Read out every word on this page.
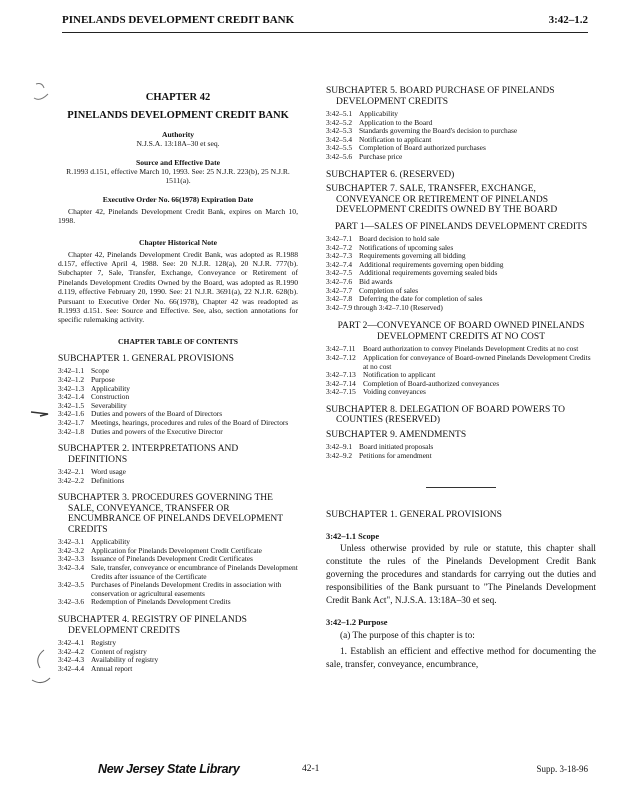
PINELANDS DEVELOPMENT CREDIT BANK	3:42–1.2
CHAPTER 42
PINELANDS DEVELOPMENT CREDIT BANK
Authority
N.J.S.A. 13:18A–30 et seq.
Source and Effective Date
R.1993 d.151, effective March 10, 1993. See: 25 N.J.R. 223(b), 25 N.J.R. 1511(a).
Executive Order No. 66(1978) Expiration Date

Chapter 42, Pinelands Development Credit Bank, expires on March 10, 1998.

Chapter Historical Note

Chapter 42, Pinelands Development Credit Bank, was adopted as R.1988 d.157, effective April 4, 1988. See: 20 N.J.R. 128(a), 20 N.J.R. 777(b). Subchapter 7, Sale, Transfer, Exchange, Conveyance or Retirement of Pinelands Development Credits Owned by the Board, was adopted as R.1990 d.119, effective February 20, 1990. See: 21 N.J.R. 3691(a), 22 N.J.R. 628(b). Pursuant to Executive Order No. 66(1978), Chapter 42 was readopted as R.1993 d.151. See: Source and Effective. See, also, section annotations for specific rulemaking activity.

CHAPTER TABLE OF CONTENTS
SUBCHAPTER 1. GENERAL PROVISIONS
3:42–1.1 Scope
3:42–1.2 Purpose
3:42–1.3 Applicability
3:42–1.4 Construction
3:42–1.5 Severability
3:42–1.6 Duties and powers of the Board of Directors
3:42–1.7 Meetings, hearings, procedures and rules of the Board of Directors
3:42–1.8 Duties and powers of the Executive Director
SUBCHAPTER 2. INTERPRETATIONS AND DEFINITIONS
3:42–2.1 Word usage
3:42–2.2 Definitions
SUBCHAPTER 3. PROCEDURES GOVERNING THE SALE, CONVEYANCE, TRANSFER OR ENCUMBRANCE OF PINELANDS DEVELOPMENT CREDITS
3:42–3.1 Applicability
3:42–3.2 Application for Pinelands Development Credit Certificate
3:42–3.3 Issuance of Pinelands Development Credit Certificates
3:42–3.4 Sale, transfer, conveyance or encumbrance of Pinelands Development Credits after issuance of the Certificate
3:42–3.5 Purchases of Pinelands Development Credits in association with conservation or agricultural easements
3:42–3.6 Redemption of Pinelands Development Credits
SUBCHAPTER 4. REGISTRY OF PINELANDS DEVELOPMENT CREDITS
3:42–4.1 Registry
3:42–4.2 Content of registry
3:42–4.3 Availability of registry
3:42–4.4 Annual report
SUBCHAPTER 5. BOARD PURCHASE OF PINELANDS DEVELOPMENT CREDITS
3:42–5.1 Applicability
3:42–5.2 Application to the Board
3:42–5.3 Standards governing the Board's decision to purchase
3:42–5.4 Notification to applicant
3:42–5.5 Completion of Board authorized purchases
3:42–5.6 Purchase price
SUBCHAPTER 6. (RESERVED)
SUBCHAPTER 7. SALE, TRANSFER, EXCHANGE, CONVEYANCE OR RETIREMENT OF PINELANDS DEVELOPMENT CREDITS OWNED BY THE BOARD
PART 1—SALES OF PINELANDS DEVELOPMENT CREDITS
3:42–7.1 Board decision to hold sale
3:42–7.2 Notifications of upcoming sales
3:42–7.3 Requirements governing all bidding
3:42–7.4 Additional requirements governing open bidding
3:42–7.5 Additional requirements governing sealed bids
3:42–7.6 Bid awards
3:42–7.7 Completion of sales
3:42–7.8 Deferring the date for completion of sales
3:42–7.9 through 3:42–7.10 (Reserved)
PART 2—CONVEYANCE OF BOARD OWNED PINELANDS DEVELOPMENT CREDITS AT NO COST
3:42–7.11	Board authorization to convey Pinelands Development Credits at no cost
3:42–7.12 Application for conveyance of Board-owned Pinelands Development Credits at no cost
3:42–7.13 Notification to applicant
3:42–7.14 Completion of Board-authorized conveyances
3:42–7.15 Voiding conveyances
SUBCHAPTER 8. DELEGATION OF BOARD POWERS TO COUNTIES (RESERVED)
SUBCHAPTER 9. AMENDMENTS
3:42–9.1 Board initiated proposals
3:42–9.2 Petitions for amendment
SUBCHAPTER 1. GENERAL PROVISIONS
3:42–1.1 Scope

Unless otherwise provided by rule or statute, this chapter shall constitute the rules of the Pinelands Development Credit Bank governing the procedures and standards for carrying out the duties and responsibilities of the Bank pursuant to "The Pinelands Development Credit Bank Act", N.J.S.A. 13:18A–30 et seq.

3:42–1.2 Purpose

(a) The purpose of this chapter is to:

1. Establish an efficient and effective method for documenting the sale, transfer, conveyance, encumbrance,

New Jersey State Library	42-1	Supp. 3-18-96
